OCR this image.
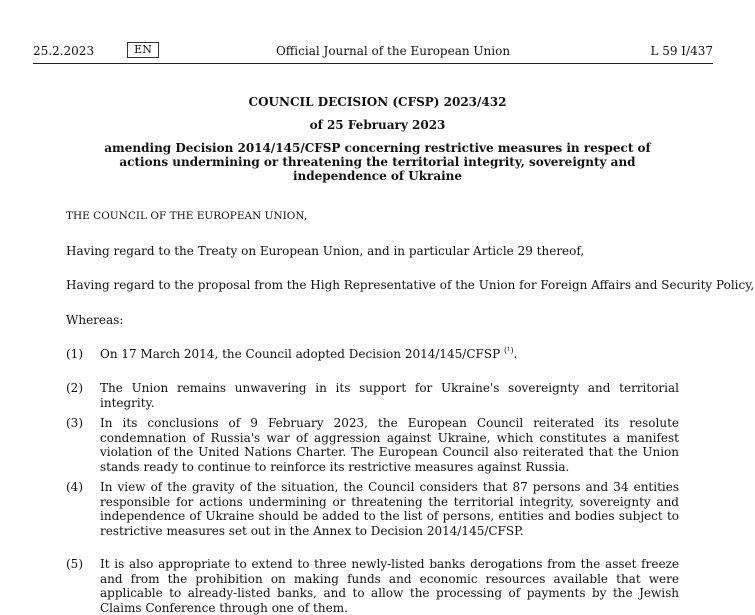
25.2.2023	EN	Official Journal of the European Union	L 59 I/437
COUNCIL DECISION (CFSP) 2023/432
of 25 February 2023
amending Decision 2014/145/CFSP concerning restrictive measures in respect of actions undermining or threatening the territorial integrity, sovereignty and independence of Ukraine
THE COUNCIL OF THE EUROPEAN UNION,
Having regard to the Treaty on European Union, and in particular Article 29 thereof,
Having regard to the proposal from the High Representative of the Union for Foreign Affairs and Security Policy,
Whereas:
(1) On 17 March 2014, the Council adopted Decision 2014/145/CFSP $^{(^1)}$.
(2) The Union remains unwavering in its support for Ukraine's sovereignty and territorial integrity.
(3) In its conclusions of 9 February 2023, the European Council reiterated its resolute condemnation of Russia's war of aggression against Ukraine, which constitutes a manifest violation of the United Nations Charter. The European Council also reiterated that the Union stands ready to continue to reinforce its restrictive measures against Russia.
(4) In view of the gravity of the situation, the Council considers that 87 persons and 34 entities responsible for actions undermining or threatening the territorial integrity, sovereignty and independence of Ukraine should be added to the list of persons, entities and bodies subject to restrictive measures set out in the Annex to Decision 2014/145/CFSP.
(5) It is also appropriate to extend to three newly-listed banks derogations from the asset freeze and from the prohibition on making funds and economic resources available that were applicable to already-listed banks, and to allow the processing of payments by the Jewish Claims Conference through one of them.
